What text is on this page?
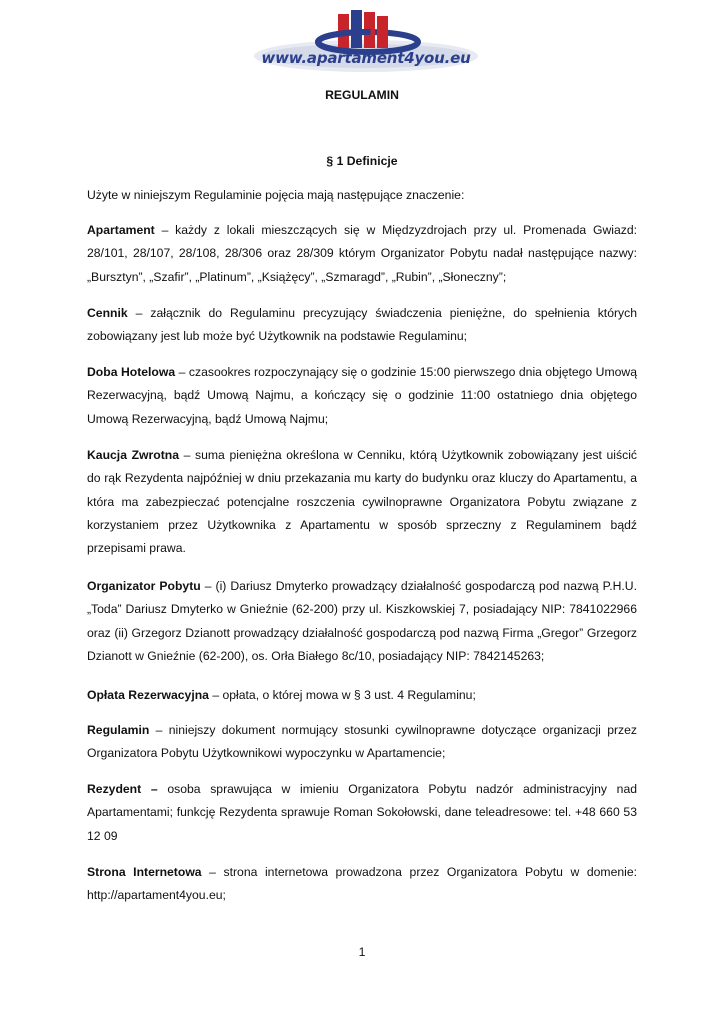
www.apartament4you.eu
REGULAMIN
§ 1 Definicje

Użyte w niniejszym Regulaminie pojęcia mają następujące znaczenie:

Apartament – każdy z lokali mieszczących się w Międzyzdrojach przy ul. Promenada Gwiazd: 28/101, 28/107, 28/108, 28/306 oraz 28/309 którym Organizator Pobytu nadał następujące nazwy: „Bursztyn”, „Szafir”, „Platinum”, „Książęcy”, „Szmaragd”, „Rubin”, „Słoneczny”;

Cennik – załącznik do Regulaminu precyzujący świadczenia pieniężne, do spełnienia których zobowiązany jest lub może być Użytkownik na podstawie Regulaminu;

Doba Hotelowa – czasookres rozpoczynający się o godzinie 15:00 pierwszego dnia objętego Umową Rezerwacyjną, bądź Umową Najmu, a kończący się o godzinie 11:00 ostatniego dnia objętego Umową Rezerwacyjną, bądź Umową Najmu;

Kaucja Zwrotna – suma pieniężna określona w Cenniku, którą Użytkownik zobowiązany jest uiścić do rąk Rezydenta najpóźniej w dniu przekazania mu karty do budynku oraz kluczy do Apartamentu, a która ma zabezpieczać potencjalne roszczenia cywilnoprawne Organizatora Pobytu związane z korzystaniem przez Użytkownika z Apartamentu w sposób sprzeczny z Regulaminem bądź przepisami prawa.

Organizator Pobytu – (i) Dariusz Dmyterko prowadzący działalność gospodarczą pod nazwą P.H.U. „Toda” Dariusz Dmyterko w Gnieźnie (62-200) przy ul. Kiszkowskiej 7, posiadający NIP: 7841022966 oraz (ii) Grzegorz Dzianott prowadzący działalność gospodarczą pod nazwą Firma „Gregor” Grzegorz Dzianott w Gnieźnie (62-200), os. Orła Białego 8c/10, posiadający NIP: 7842145263;

Opłata Rezerwacyjna – opłata, o której mowa w § 3 ust. 4 Regulaminu;

Regulamin – niniejszy dokument normujący stosunki cywilnoprawne dotyczące organizacji przez Organizatora Pobytu Użytkownikowi wypoczynku w Apartamencie;

Rezydent – osoba sprawująca w imieniu Organizatora Pobytu nadzór administracyjny nad Apartamentami; funkcję Rezydenta sprawuje Roman Sokołowski, dane teleadresowe: tel. +48 660 53 12 09

Strona Internetowa – strona internetowa prowadzona przez Organizatora Pobytu w domenie: http://apartament4you.eu;

1
